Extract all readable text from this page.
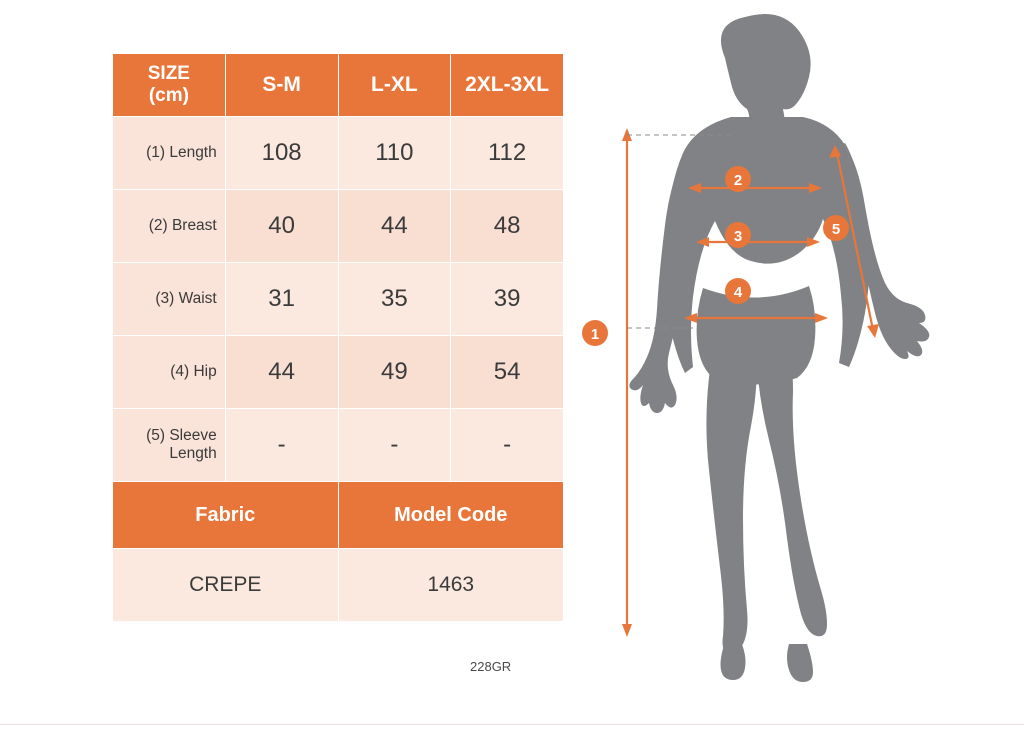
SIZE
(cm)	S-M	L-XL	2XL-3XL
(1) Length	108	110	112
(2) Breast	40	44	48
(3) Waist	31	35	39
(4) Hip	44	49	54
(5) Sleeve Length	-	-	-
Fabric		Model Code	
CREPE		1463	
228GR
1
2
3
4
5
